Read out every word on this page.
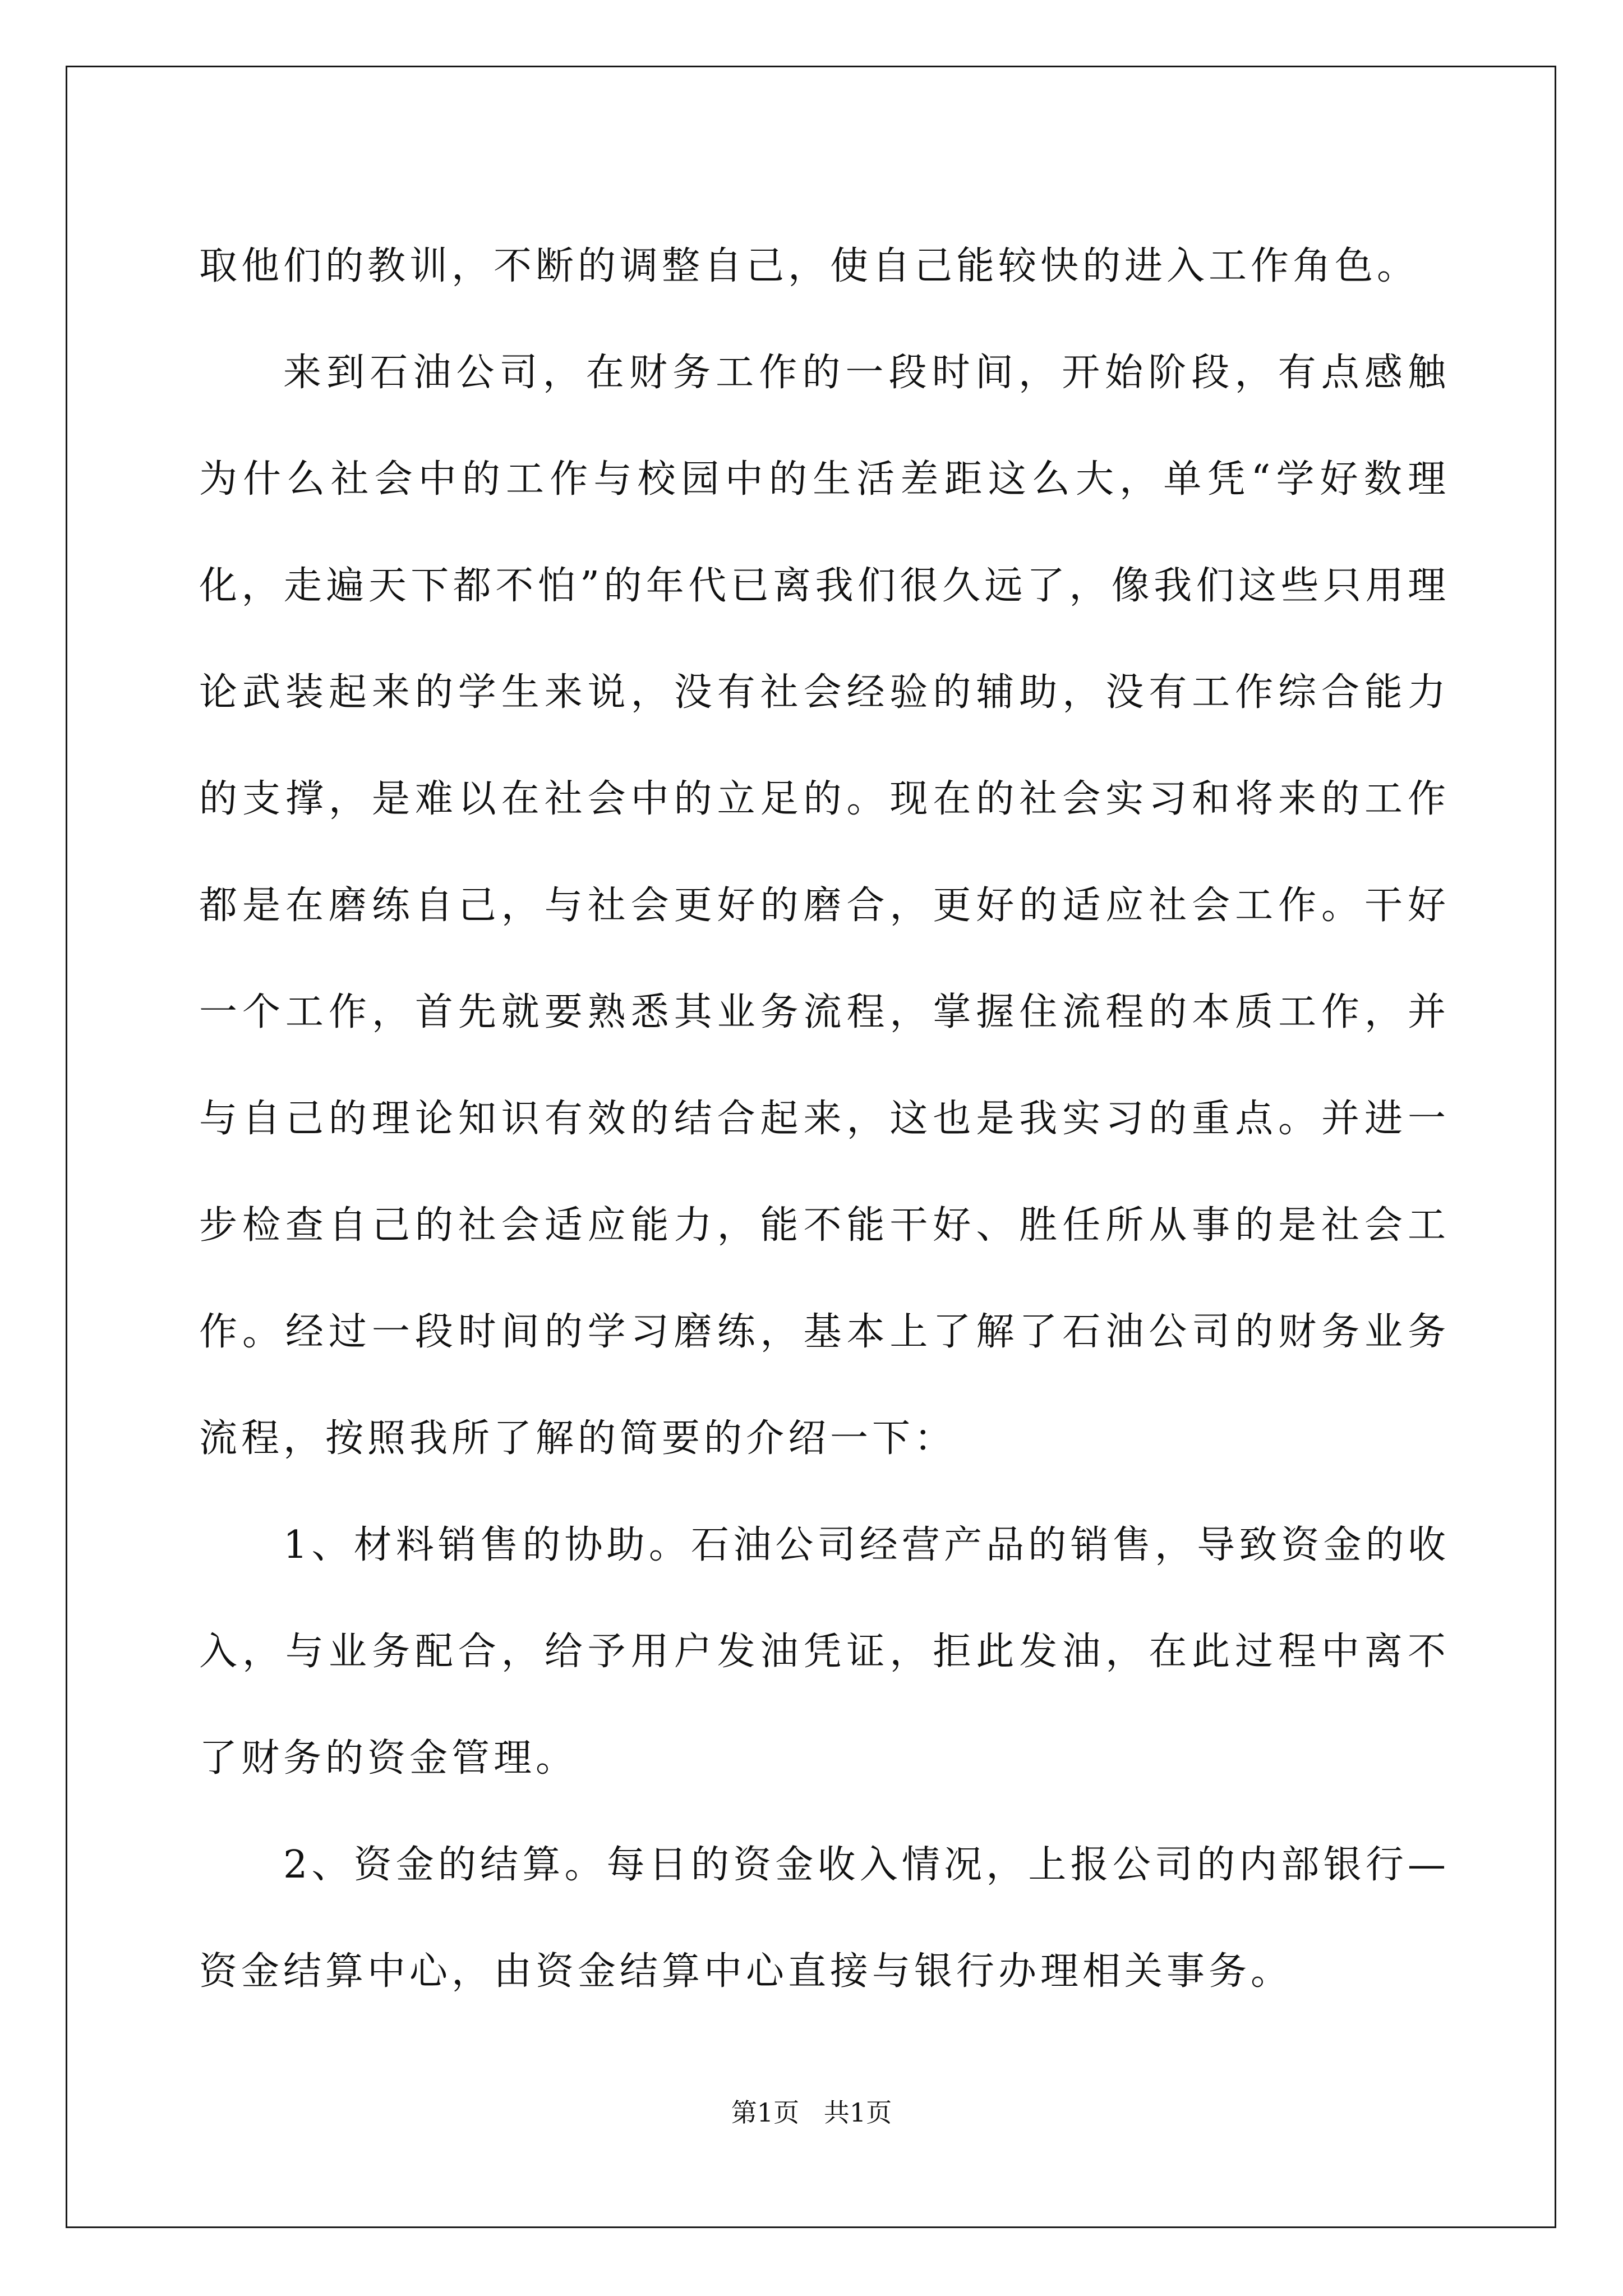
取他们的教训，不断的调整自己，使自己能较快的进入工作角色。

来到石油公司，在财务工作的一段时间，开始阶段，有点感触为什么社会中的工作与校园中的生活差距这么大，单凭“学好数理化，走遍天下都不怕”的年代已离我们很久远了，像我们这些只用理论武装起来的学生来说，没有社会经验的辅助，没有工作综合能力的支撑，是难以在社会中的立足的。现在的社会实习和将来的工作都是在磨练自己，与社会更好的磨合，更好的适应社会工作。干好一个工作，首先就要熟悉其业务流程，掌握住流程的本质工作，并与自己的理论知识有效的结合起来，这也是我实习的重点。并进一步检查自己的社会适应能力，能不能干好、胜任所从事的是社会工作。经过一段时间的学习磨练，基本上了解了石油公司的财务业务流程，按照我所了解的简要的介绍一下：

1、材料销售的协助。石油公司经营产品的销售，导致资金的收入，与业务配合，给予用户发油凭证，拒此发油，在此过程中离不了财务的资金管理。

2、资金的结算。每日的资金收入情况，上报公司的内部银行—资金结算中心，由资金结算中心直接与银行办理相关事务。

第1页   共1页
